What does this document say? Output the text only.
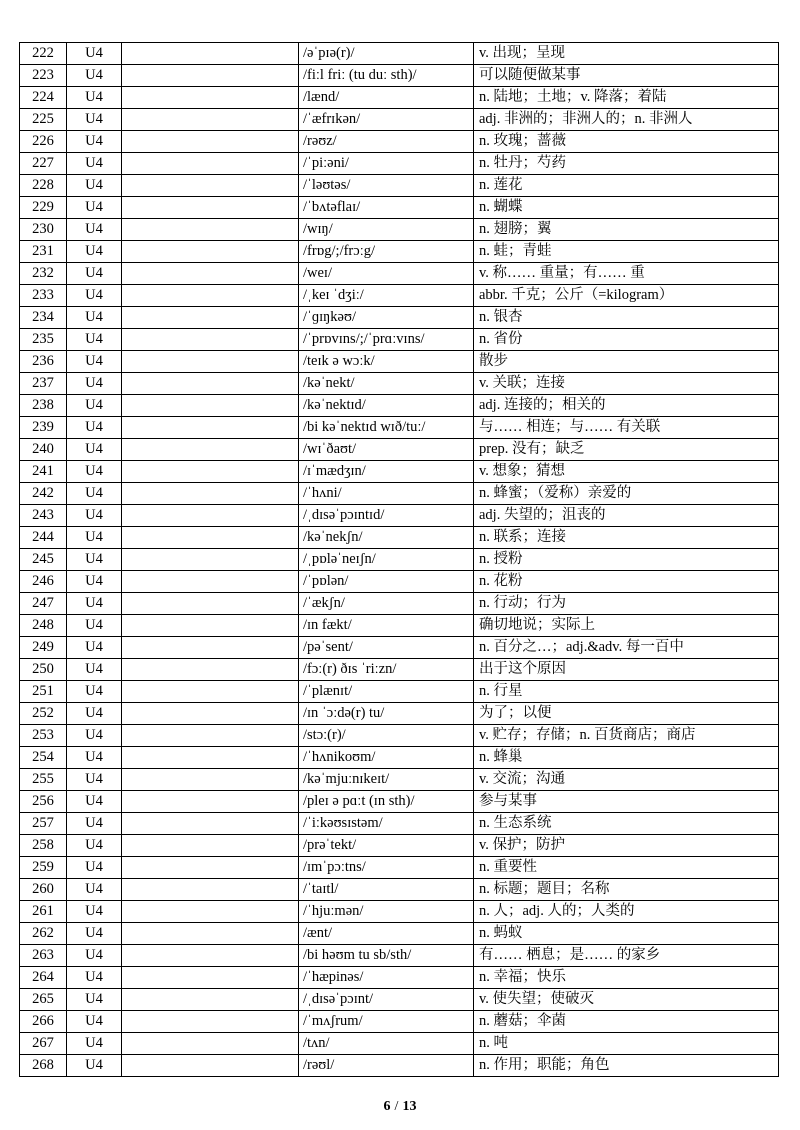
222	U4		/əˈpɪə(r)/	v. 出现；呈现
223	U4		/fiːl friː (tu duː sth)/	可以随便做某事
224	U4		/lænd/	n. 陆地；土地；v. 降落；着陆
225	U4		/ˈæfrɪkən/	adj. 非洲的；非洲人的；n. 非洲人
226	U4		/rəʊz/	n. 玫瑰；蔷薇
227	U4		/ˈpiːəni/	n. 牡丹；芍药
228	U4		/ˈləʊtəs/	n. 莲花
229	U4		/ˈbʌtəflaɪ/	n. 蝴蝶
230	U4		/wɪŋ/	n. 翅膀；翼
231	U4		/frɒg/;/frɔːg/	n. 蛙；青蛙
232	U4		/weɪ/	v. 称…… 重量；有…… 重
233	U4		/ˌkeɪ ˈdʒiː/	abbr. 千克；公斤（=kilogram）
234	U4		/ˈɡɪŋkəʊ/	n. 银杏
235	U4		/ˈprɒvɪns/;/ˈprɑːvɪns/	n. 省份
236	U4		/teɪk ə wɔːk/	散步
237	U4		/kəˈnekt/	v. 关联；连接
238	U4		/kəˈnektɪd/	adj. 连接的；相关的
239	U4		/bi kəˈnektɪd wɪð/tuː/	与…… 相连；与…… 有关联
240	U4		/wɪˈðaʊt/	prep. 没有；缺乏
241	U4		/ɪˈmædʒɪn/	v. 想象；猜想
242	U4		/ˈhʌni/	n. 蜂蜜；（爱称）亲爱的
243	U4		/ˌdɪsəˈpɔɪntɪd/	adj. 失望的；沮丧的
244	U4		/kəˈnekʃn/	n. 联系；连接
245	U4		/ˌpɒləˈneɪʃn/	n. 授粉
246	U4		/ˈpɒlən/	n. 花粉
247	U4		/ˈækʃn/	n. 行动；行为
248	U4		/ɪn fækt/	确切地说；实际上
249	U4		/pəˈsent/	n. 百分之…；adj.&adv. 每一百中
250	U4		/fɔː(r) ðɪs ˈriːzn/	出于这个原因
251	U4		/ˈplænɪt/	n. 行星
252	U4		/ɪn ˈɔːdə(r) tu/	为了；以便
253	U4		/stɔː(r)/	v. 贮存；存储；n. 百货商店；商店
254	U4		/ˈhʌnikoʊm/	n. 蜂巢
255	U4		/kəˈmjuːnɪkeɪt/	v. 交流；沟通
256	U4		/pleɪ ə pɑːt (ɪn sth)/	参与某事
257	U4		/ˈiːkəʊsɪstəm/	n. 生态系统
258	U4		/prəˈtekt/	v. 保护；防护
259	U4		/ɪmˈpɔːtns/	n. 重要性
260	U4		/ˈtaɪtl/	n. 标题；题目；名称
261	U4		/ˈhjuːmən/	n. 人；adj. 人的；人类的
262	U4		/ænt/	n. 蚂蚁
263	U4		/bi həʊm tu sb/sth/	有…… 栖息；是…… 的家乡
264	U4		/ˈhæpinəs/	n. 幸福；快乐
265	U4		/ˌdɪsəˈpɔɪnt/	v. 使失望；使破灭
266	U4		/ˈmʌʃrum/	n. 蘑菇；伞菌
267	U4		/tʌn/	n. 吨
268	U4		/rəʊl/	n. 作用；职能；角色
6 / 13
